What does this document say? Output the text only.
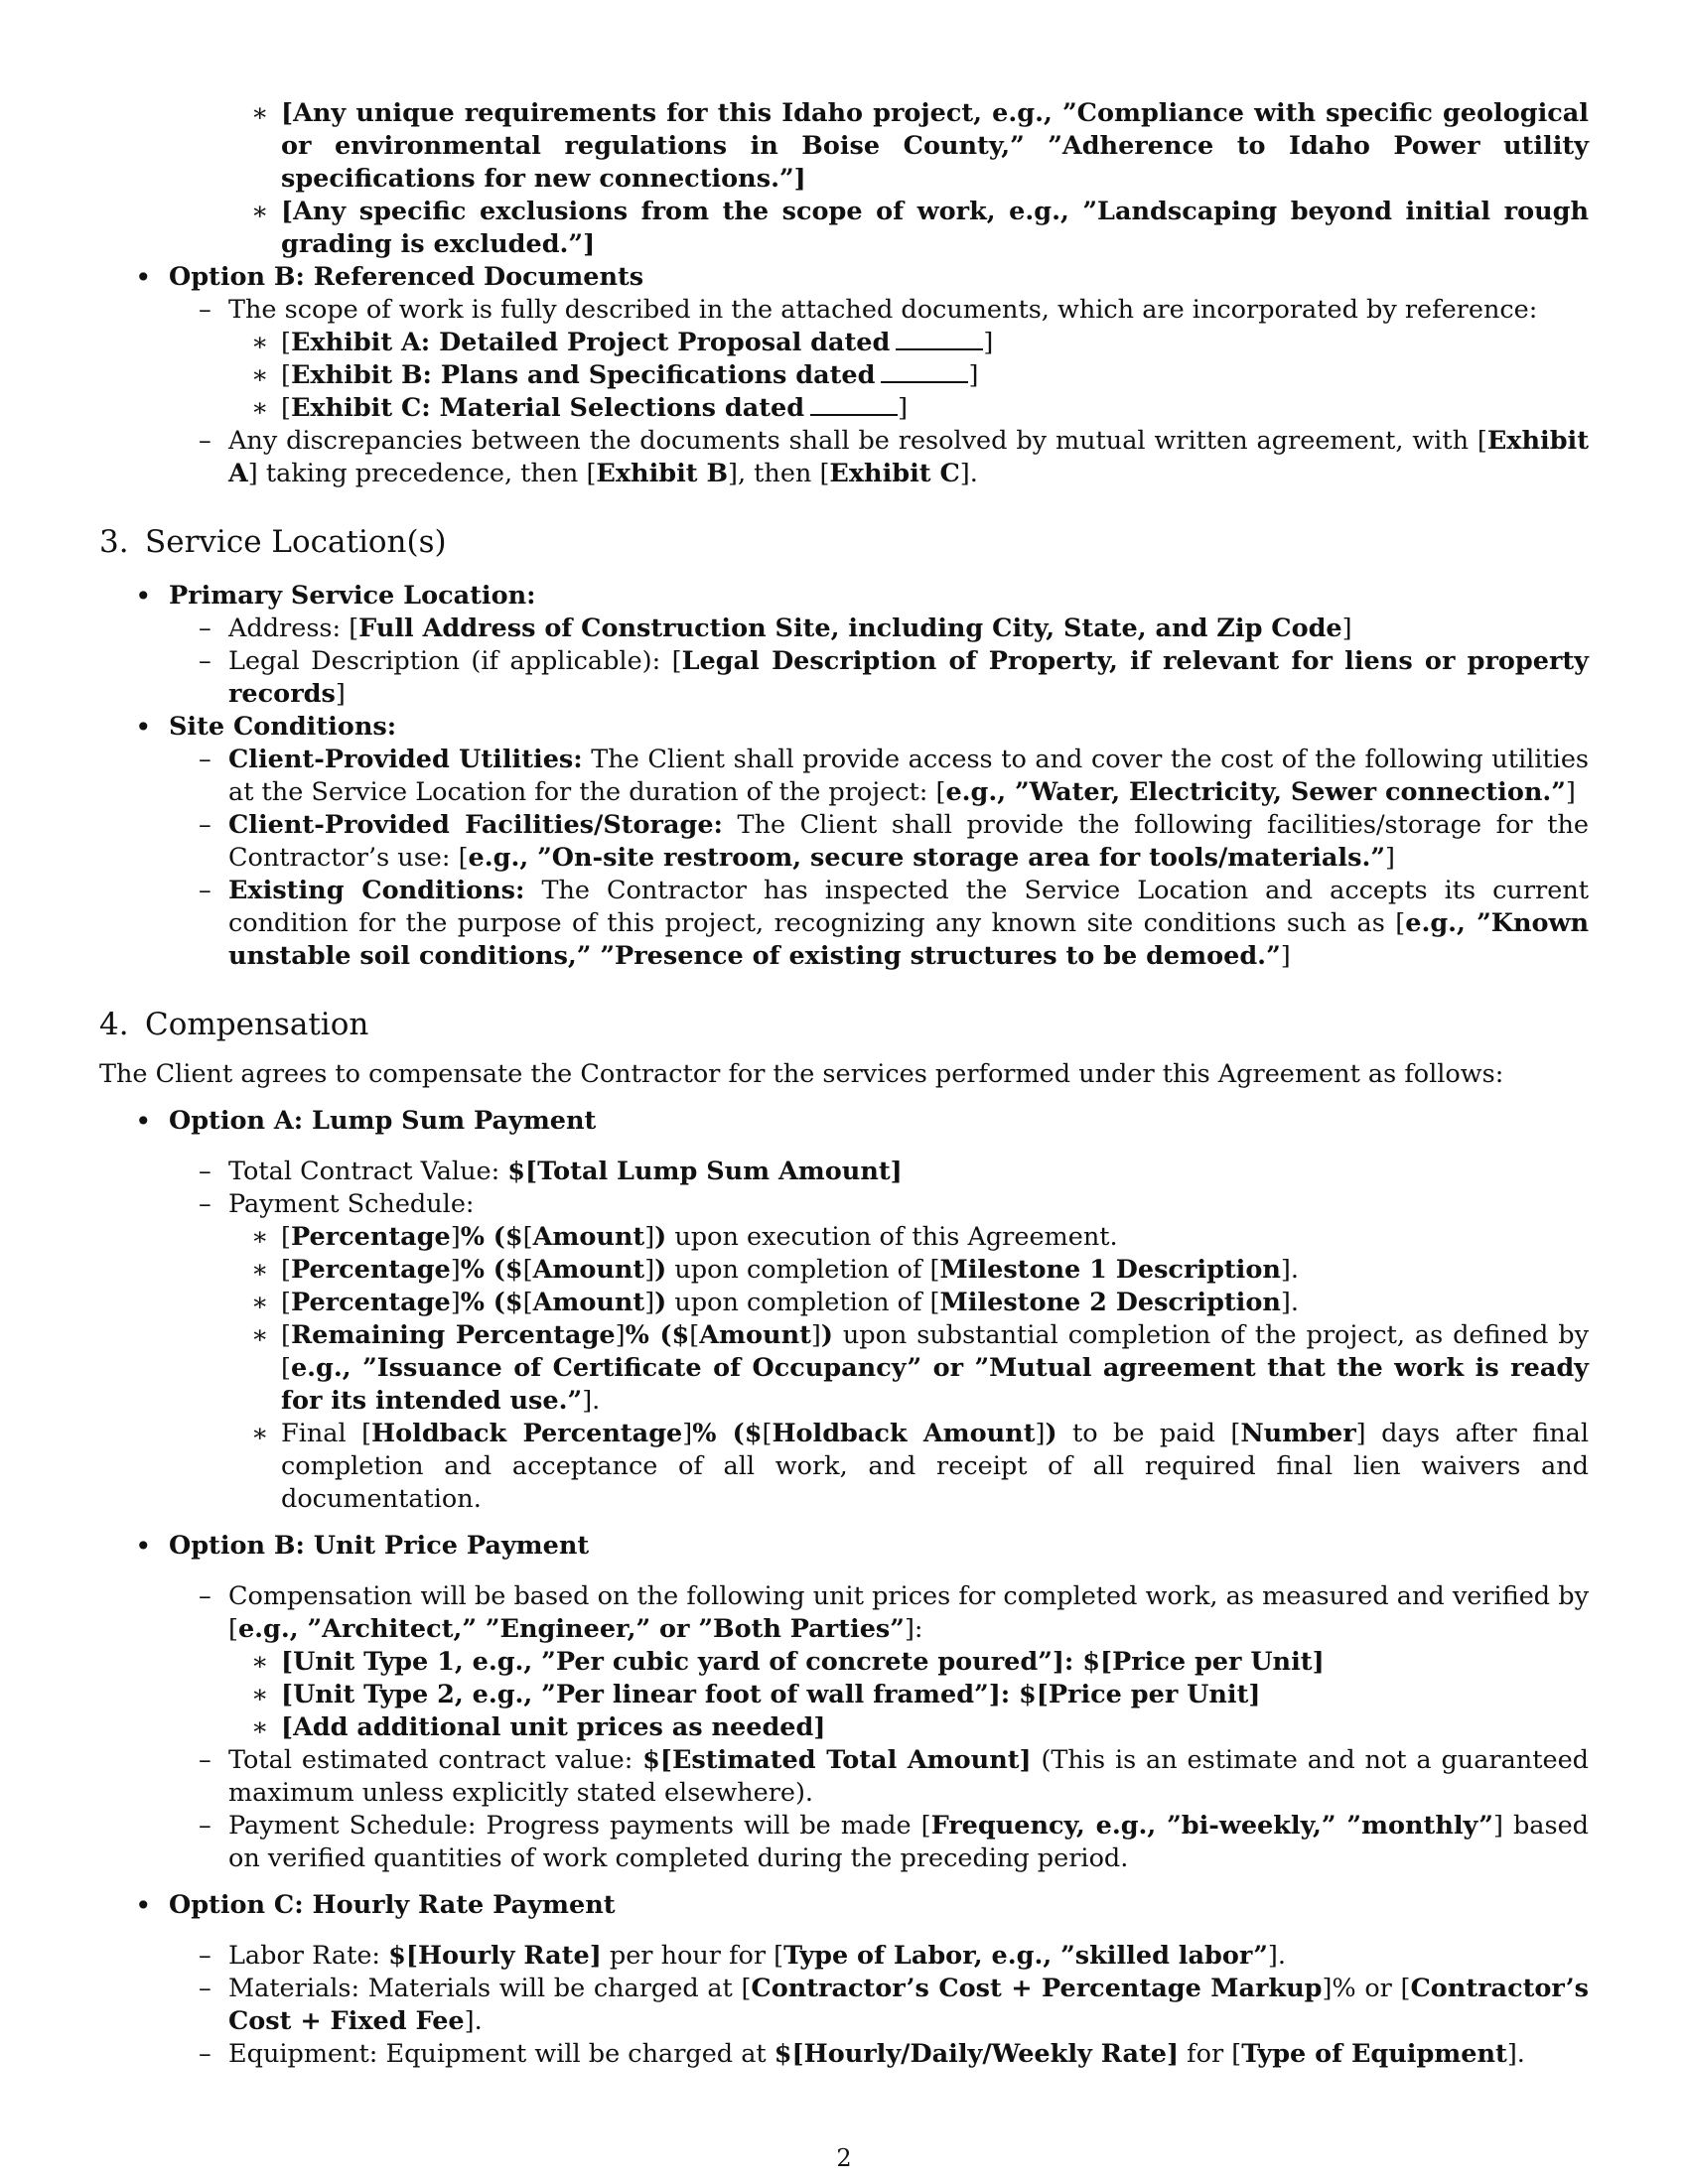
∗ [Any unique requirements for this Idaho project, e.g., ”Compliance with specific geological or environmental regulations in Boise County,” ”Adherence to Idaho Power utility specifications for new connections.”]
∗ [Any specific exclusions from the scope of work, e.g., ”Landscaping beyond initial rough grading is excluded.”]
• Option B: Referenced Documents
– The scope of work is fully described in the attached documents, which are incorporated by reference:
∗ [Exhibit A: Detailed Project Proposal dated	]
∗ [Exhibit B: Plans and Specifications dated	]
∗ [Exhibit C: Material Selections dated	]
– Any discrepancies between the documents shall be resolved by mutual written agreement, with [Exhibit A] taking precedence, then [Exhibit B], then [Exhibit C].
3. Service Location(s)
• Primary Service Location:
– Address: [Full Address of Construction Site, including City, State, and Zip Code]
– Legal Description (if applicable): [Legal Description of Property, if relevant for liens or property records]
• Site Conditions:
– Client-Provided Utilities: The Client shall provide access to and cover the cost of the following utilities at the Service Location for the duration of the project: [e.g., ”Water, Electricity, Sewer connection.”]
– Client-Provided Facilities/Storage: The Client shall provide the following facilities/storage for the Contractor’s use: [e.g., ”On-site restroom, secure storage area for tools/materials.”]
– Existing Conditions: The Contractor has inspected the Service Location and accepts its current condition for the purpose of this project, recognizing any known site conditions such as [e.g., ”Known unstable soil conditions,” ”Presence of existing structures to be demoed.”]
4. Compensation
The Client agrees to compensate the Contractor for the services performed under this Agreement as follows:
• Option A: Lump Sum Payment
– Total Contract Value: $[Total Lump Sum Amount]
– Payment Schedule:
∗ [Percentage]% ($[Amount]) upon execution of this Agreement.
∗ [Percentage]% ($[Amount]) upon completion of [Milestone 1 Description].
∗ [Percentage]% ($[Amount]) upon completion of [Milestone 2 Description].
∗ [Remaining Percentage]% ($[Amount]) upon substantial completion of the project, as defined by [e.g., ”Issuance of Certificate of Occupancy” or ”Mutual agreement that the work is ready for its intended use.”].
∗ Final [Holdback Percentage]% ($[Holdback Amount]) to be paid [Number] days after final completion and acceptance of all work, and receipt of all required final lien waivers and documentation.
• Option B: Unit Price Payment
– Compensation will be based on the following unit prices for completed work, as measured and verified by [e.g., ”Architect,” ”Engineer,” or ”Both Parties”]:
∗ [Unit Type 1, e.g., ”Per cubic yard of concrete poured”]: $[Price per Unit]
∗ [Unit Type 2, e.g., ”Per linear foot of wall framed”]: $[Price per Unit]
∗ [Add additional unit prices as needed]
– Total estimated contract value: $[Estimated Total Amount] (This is an estimate and not a guaranteed maximum unless explicitly stated elsewhere).
– Payment Schedule: Progress payments will be made [Frequency, e.g., ”bi-weekly,” ”monthly”] based on verified quantities of work completed during the preceding period.
• Option C: Hourly Rate Payment
– Labor Rate: $[Hourly Rate] per hour for [Type of Labor, e.g., ”skilled labor”].
– Materials: Materials will be charged at [Contractor’s Cost + Percentage Markup]% or [Contractor’s Cost + Fixed Fee].
– Equipment: Equipment will be charged at $[Hourly/Daily/Weekly Rate] for [Type of Equipment].
2
